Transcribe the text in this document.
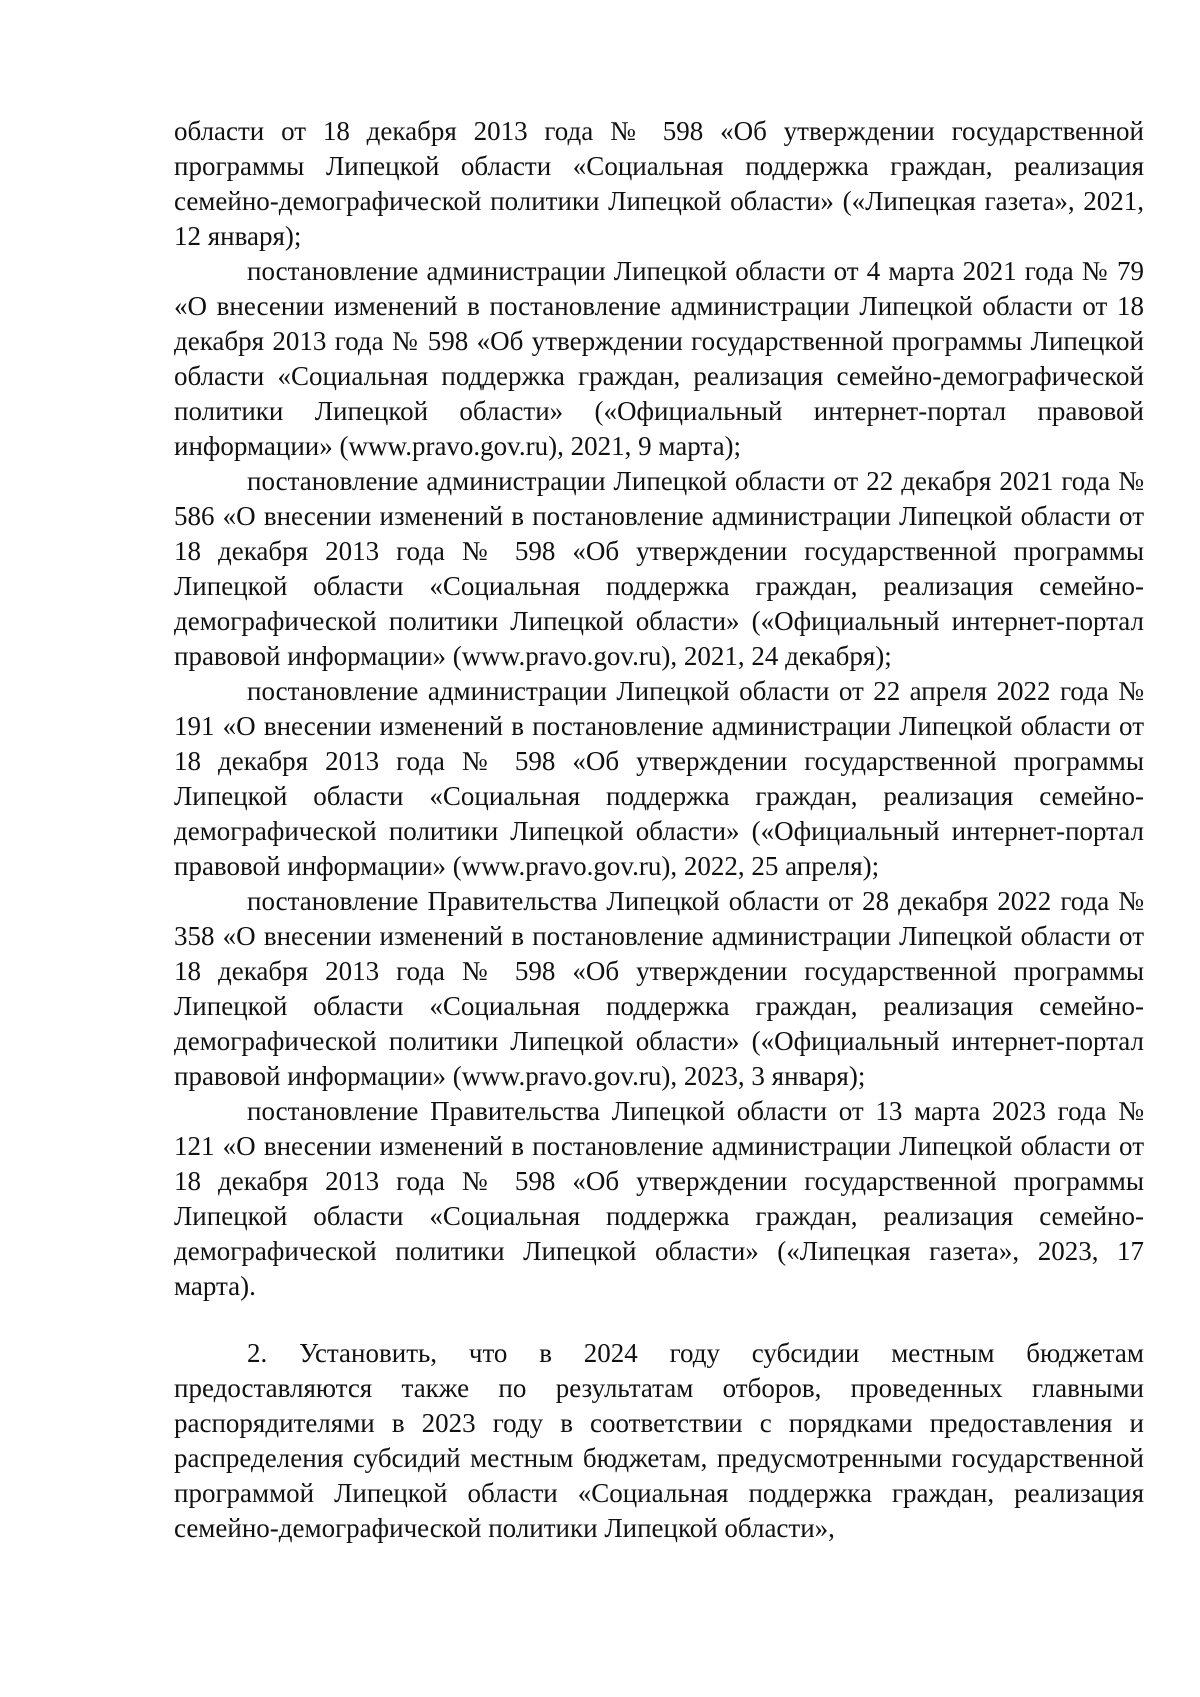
области от 18 декабря 2013 года № 598 «Об утверждении государственной программы Липецкой области «Социальная поддержка граждан, реализация семейно-демографической политики Липецкой области» («Липецкая газета», 2021, 12 января);

постановление администрации Липецкой области от 4 марта 2021 года № 79 «О внесении изменений в постановление администрации Липецкой области от 18 декабря 2013 года № 598 «Об утверждении государственной программы Липецкой области «Социальная поддержка граждан, реализация семейно-демографической политики Липецкой области» («Официальный интернет-портал правовой информации» (www.pravo.gov.ru), 2021, 9 марта);

постановление администрации Липецкой области от 22 декабря 2021 года № 586 «О внесении изменений в постановление администрации Липецкой области от 18 декабря 2013 года № 598 «Об утверждении государственной программы Липецкой области «Социальная поддержка граждан, реализация семейно-демографической политики Липецкой области» («Официальный интернет-портал правовой информации» (www.pravo.gov.ru), 2021, 24 декабря);

постановление администрации Липецкой области от 22 апреля 2022 года № 191 «О внесении изменений в постановление администрации Липецкой области от 18 декабря 2013 года № 598 «Об утверждении государственной программы Липецкой области «Социальная поддержка граждан, реализация семейно-демографической политики Липецкой области» («Официальный интернет-портал правовой информации» (www.pravo.gov.ru), 2022, 25 апреля);

постановление Правительства Липецкой области от 28 декабря 2022 года № 358 «О внесении изменений в постановление администрации Липецкой области от 18 декабря 2013 года № 598 «Об утверждении государственной программы Липецкой области «Социальная поддержка граждан, реализация семейно-демографической политики Липецкой области» («Официальный интернет-портал правовой информации» (www.pravo.gov.ru), 2023, 3 января);

постановление Правительства Липецкой области от 13 марта 2023 года № 121 «О внесении изменений в постановление администрации Липецкой области от 18 декабря 2013 года № 598 «Об утверждении государственной программы Липецкой области «Социальная поддержка граждан, реализация семейно-демографической политики Липецкой области» («Липецкая газета», 2023, 17 марта).

2. Установить, что в 2024 году субсидии местным бюджетам предоставляются также по результатам отборов, проведенных главными распорядителями в 2023 году в соответствии с порядками предоставления и распределения субсидий местным бюджетам, предусмотренными государственной программой Липецкой области «Социальная поддержка граждан, реализация семейно-демографической политики Липецкой области»,
